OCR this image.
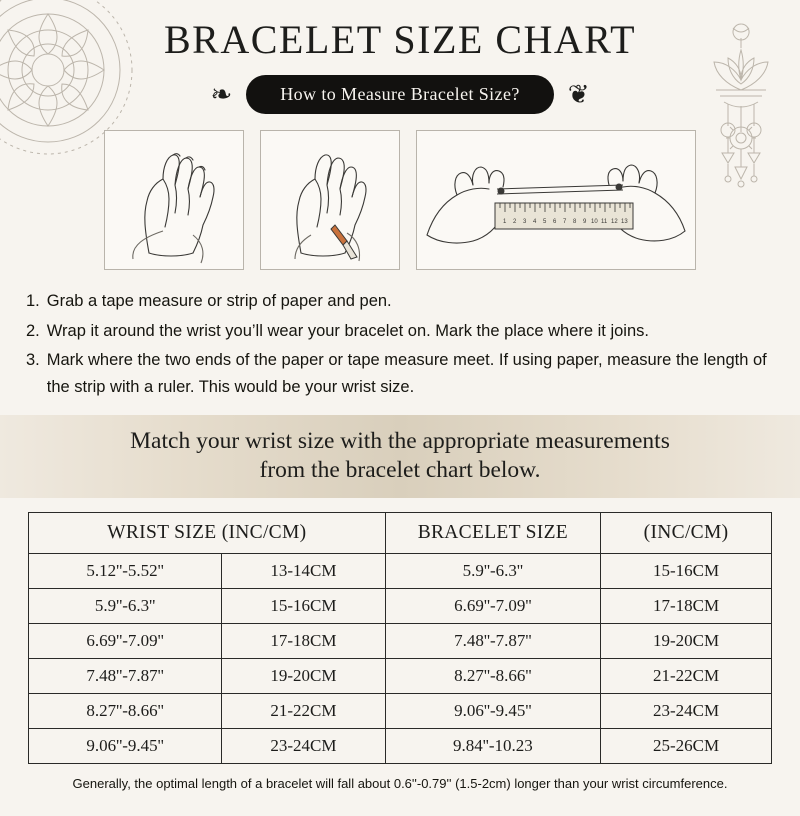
BRACELET SIZE CHART
❧	How to Measure Bracelet Size?	❦
1 2 3 4 5 6 7 8 9 10 11 12 13
1. Grab a tape measure or strip of paper and pen.
2. Wrap it around the wrist you’ll wear your bracelet on. Mark the place where it joins.
3. Mark where the two ends of the paper or tape measure meet. If using paper, measure the length of the strip with a ruler. This would be your wrist size.
Match your wrist size with the appropriate measurements
from the bracelet chart below.
WRIST SIZE (INC/CM)		BRACELET SIZE	(INC/CM)
5.12''-5.52''	13-14CM	5.9''-6.3''	15-16CM
5.9''-6.3''	15-16CM	6.69''-7.09''	17-18CM
6.69''-7.09''	17-18CM	7.48''-7.87''	19-20CM
7.48''-7.87''	19-20CM	8.27''-8.66''	21-22CM
8.27''-8.66''	21-22CM	9.06''-9.45''	23-24CM
9.06''-9.45''	23-24CM	9.84''-10.23	25-26CM
Generally, the optimal length of a bracelet will fall about 0.6''-0.79'' (1.5-2cm) longer than your wrist circumference.
